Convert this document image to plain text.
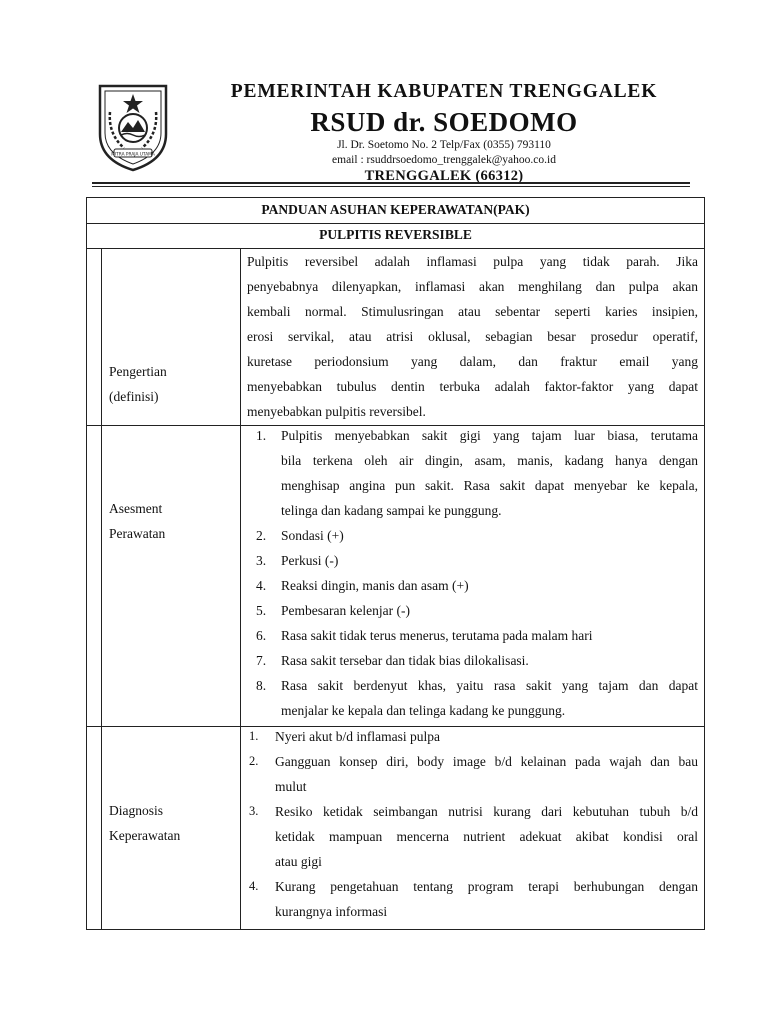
MITRA PRAJA UTAMA
PEMERINTAH KABUPATEN TRENGGALEK
RSUD dr. SOEDOMO
Jl. Dr. Soetomo No. 2 Telp/Fax (0355) 793110
email : rsuddrsoedomo_trenggalek@yahoo.co.id
TRENGGALEK (66312)
PANDUAN ASUHAN KEPERAWATAN(PAK)
PULPITIS REVERSIBLE
Pengertian
(definisi)
Pulpitis reversibel adalah inflamasi pulpa yang tidak parah. Jika
penyebabnya dilenyapkan, inflamasi akan menghilang dan pulpa akan
kembali normal. Stimulusringan atau sebentar seperti karies insipien,
erosi servikal, atau atrisi oklusal, sebagian besar prosedur operatif,
kuretase periodonsium yang dalam, dan fraktur email yang
menyebabkan tubulus dentin terbuka adalah faktor-faktor yang dapat
menyebabkan pulpitis reversibel.
Asesment
Perawatan
1. Pulpitis menyebabkan sakit gigi yang tajam luar biasa, terutama
bila terkena oleh air dingin, asam, manis, kadang hanya dengan
menghisap angina pun sakit. Rasa sakit dapat menyebar ke kepala,
telinga dan kadang sampai ke punggung.
2. Sondasi (+)
3. Perkusi (-)
4. Reaksi dingin, manis dan asam (+)
5. Pembesaran kelenjar (-)
6. Rasa sakit tidak terus menerus, terutama pada malam hari
7. Rasa sakit tersebar dan tidak bias dilokalisasi.
8. Rasa sakit berdenyut khas, yaitu rasa sakit yang tajam dan dapat
menjalar ke kepala dan telinga kadang ke punggung.
Diagnosis
Keperawatan
1. Nyeri akut b/d inflamasi pulpa
2. Gangguan konsep diri, body image b/d kelainan pada wajah dan bau
mulut
3. Resiko ketidak seimbangan nutrisi kurang dari kebutuhan tubuh b/d
ketidak mampuan mencerna nutrient adekuat akibat kondisi oral
atau gigi
4. Kurang pengetahuan tentang program terapi berhubungan dengan
kurangnya informasi
